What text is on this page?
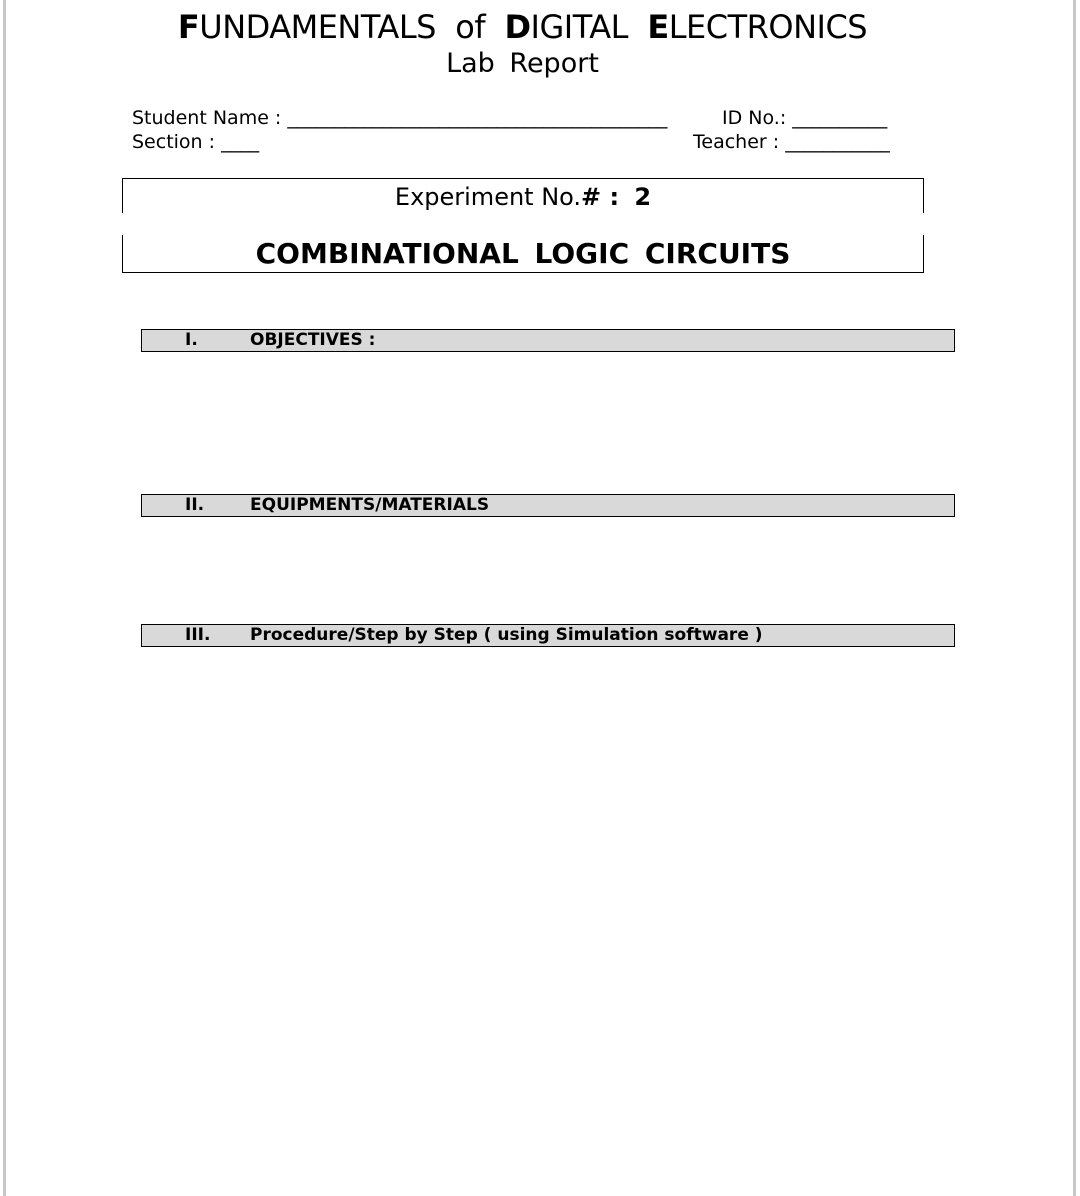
FUNDAMENTALS of DIGITAL ELECTRONICS
Lab Report
Student Name : ________________________________________	ID No.: __________
Section : ____	Teacher : ___________
Experiment No.# : 2
COMBINATIONAL LOGIC CIRCUITS
I.	OBJECTIVES :
II.	EQUIPMENTS/MATERIALS
III. Procedure/Step by Step ( using Simulation software )
